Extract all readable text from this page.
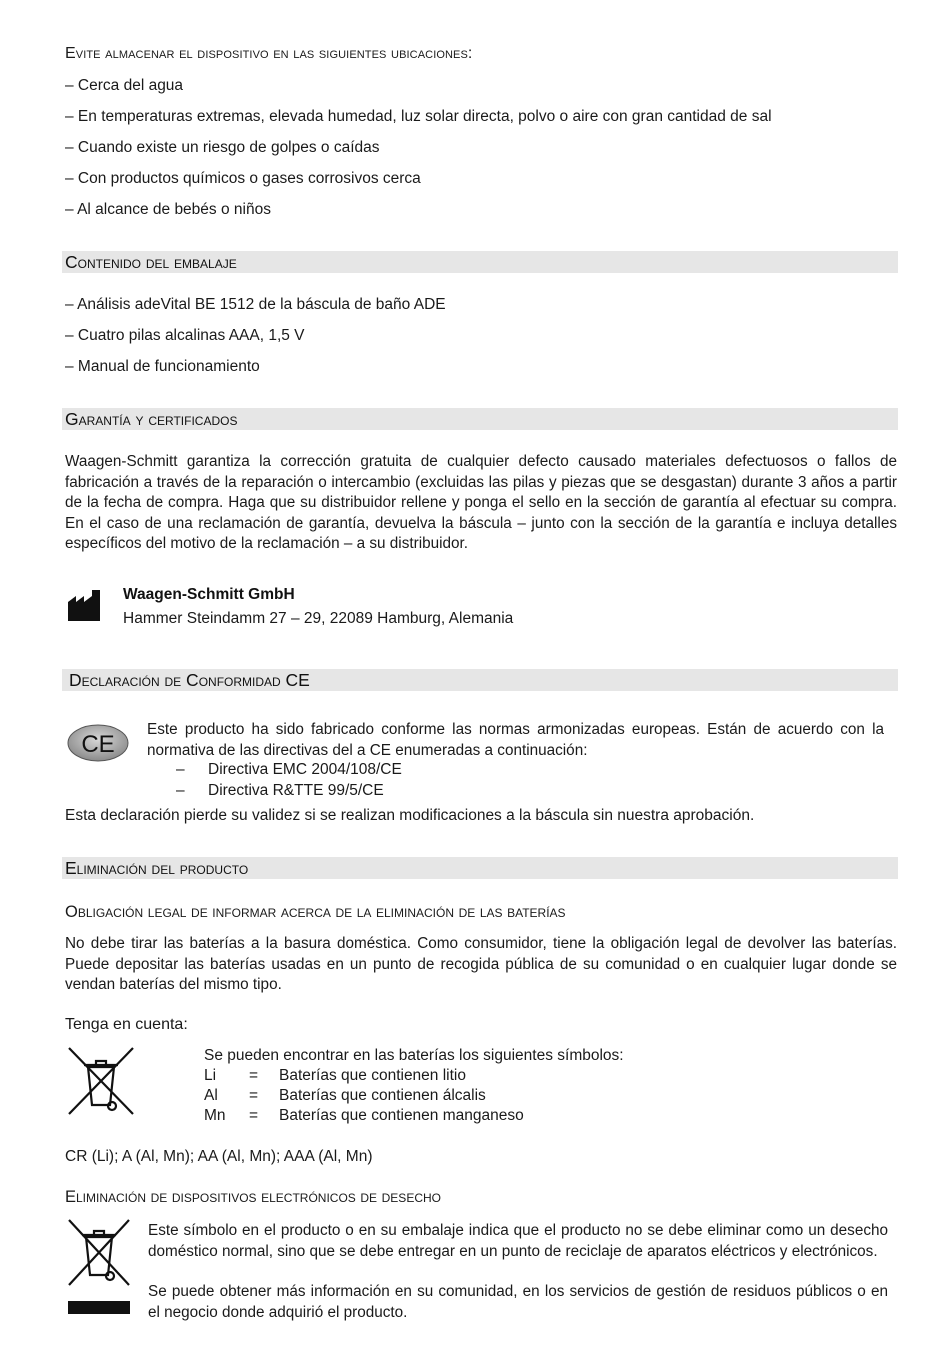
Evite almacenar el dispositivo en las siguientes ubicaciones:
– Cerca del agua
– En temperaturas extremas, elevada humedad, luz solar directa, polvo o aire con gran cantidad de sal
– Cuando existe un riesgo de golpes o caídas
– Con productos químicos o gases corrosivos cerca
– Al alcance de bebés o niños
Contenido del embalaje
– Análisis adeVital BE 1512 de la báscula de baño ADE
– Cuatro pilas alcalinas AAA, 1,5 V
– Manual de funcionamiento
Garantía y certificados
Waagen-Schmitt garantiza la corrección gratuita de cualquier defecto causado materiales defectuosos o fallos de fabricación a través de la reparación o intercambio (excluidas las pilas y piezas que se desgastan) durante 3 años a partir de la fecha de compra. Haga que su distribuidor rellene y ponga el sello en la sección de garantía al efectuar su compra. En el caso de una reclamación de garantía, devuelva la báscula – junto con la sección de la garantía e incluya detalles específicos del motivo de la reclamación – a su distribuidor.
Waagen-Schmitt GmbH
Hammer Steindamm 27 – 29, 22089 Hamburg, Alemania
Declaración de Conformidad CE
CE
Este producto ha sido fabricado conforme las normas armonizadas europeas. Están de acuerdo con la normativa de las directivas del a CE enumeradas a continuación:
– Directiva EMC 2004/108/CE
– Directiva R&TTE 99/5/CE
Esta declaración pierde su validez si se realizan modificaciones a la báscula sin nuestra aprobación.
Eliminación del producto
Obligación legal de informar acerca de la eliminación de las baterías
No debe tirar las baterías a la basura doméstica. Como consumidor, tiene la obligación legal de devolver las baterías. Puede depositar las baterías usadas en un punto de recogida pública de su comunidad o en cualquier lugar donde se vendan baterías del mismo tipo.
Tenga en cuenta:
Se pueden encontrar en las baterías los siguientes símbolos:
Li = Baterías que contienen litio
Al = Baterías que contienen álcalis
Mn = Baterías que contienen manganeso
CR (Li); A (Al, Mn); AA (Al, Mn); AAA (Al, Mn)
Eliminación de dispositivos electrónicos de desecho
Este símbolo en el producto o en su embalaje indica que el producto no se debe eliminar como un desecho doméstico normal, sino que se debe entregar en un punto de reciclaje de aparatos eléctricos y electrónicos.
Se puede obtener más información en su comunidad, en los servicios de gestión de residuos públicos o en el negocio donde adquirió el producto.
